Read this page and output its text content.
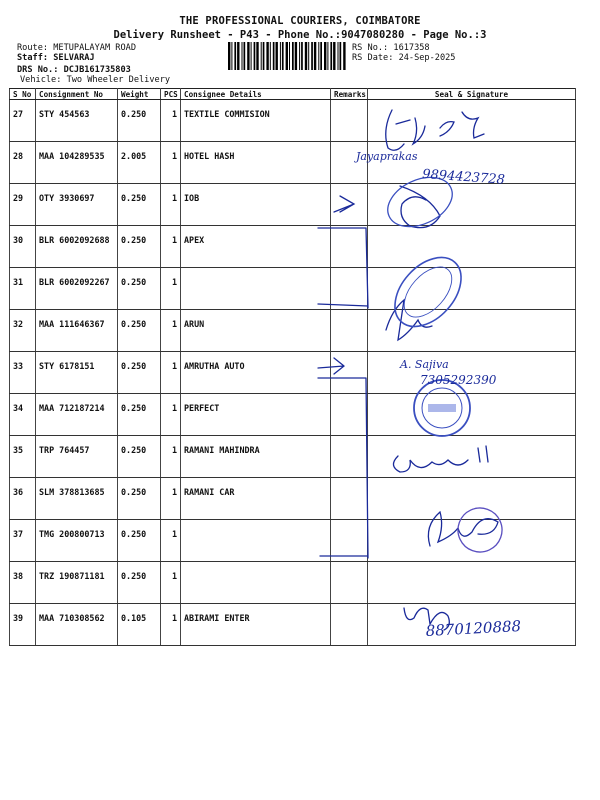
THE PROFESSIONAL COURIERS, COIMBATORE
Delivery Runsheet - P43 - Phone No.:9047080280 - Page No.:3
Route: METUPALAYAM ROAD
Staff: SELVARAJ
DRS No.: DCJB161735803
Vehicle: Two Wheeler Delivery
RS No.: 1617358
RS Date: 24-Sep-2025
S No	Consignment No	Weight	PCS	Consignee Details	Remarks	Seal & Signature
27	STY 454563	0.250	1	TEXTILE COMMISION		
28	MAA 104289535	2.005	1	HOTEL HASH		
29	OTY 3930697	0.250	1	IOB		
30	BLR 6002092688	0.250	1	APEX		
31	BLR 6002092267	0.250	1			
32	MAA 111646367	0.250	1	ARUN		
33	STY 6178151	0.250	1	AMRUTHA AUTO		
34	MAA 712187214	0.250	1	PERFECT		
35	TRP 764457	0.250	1	RAMANI MAHINDRA		
36	SLM 378813685	0.250	1	RAMANI CAR		
37	TMG 200800713	0.250	1			
38	TRZ 190871181	0.250	1			
39	MAA 710308562	0.105	1	ABIRAMI ENTER		
Jayaprakas
9894423728
A. Sajiva
7305292390
8870120888
